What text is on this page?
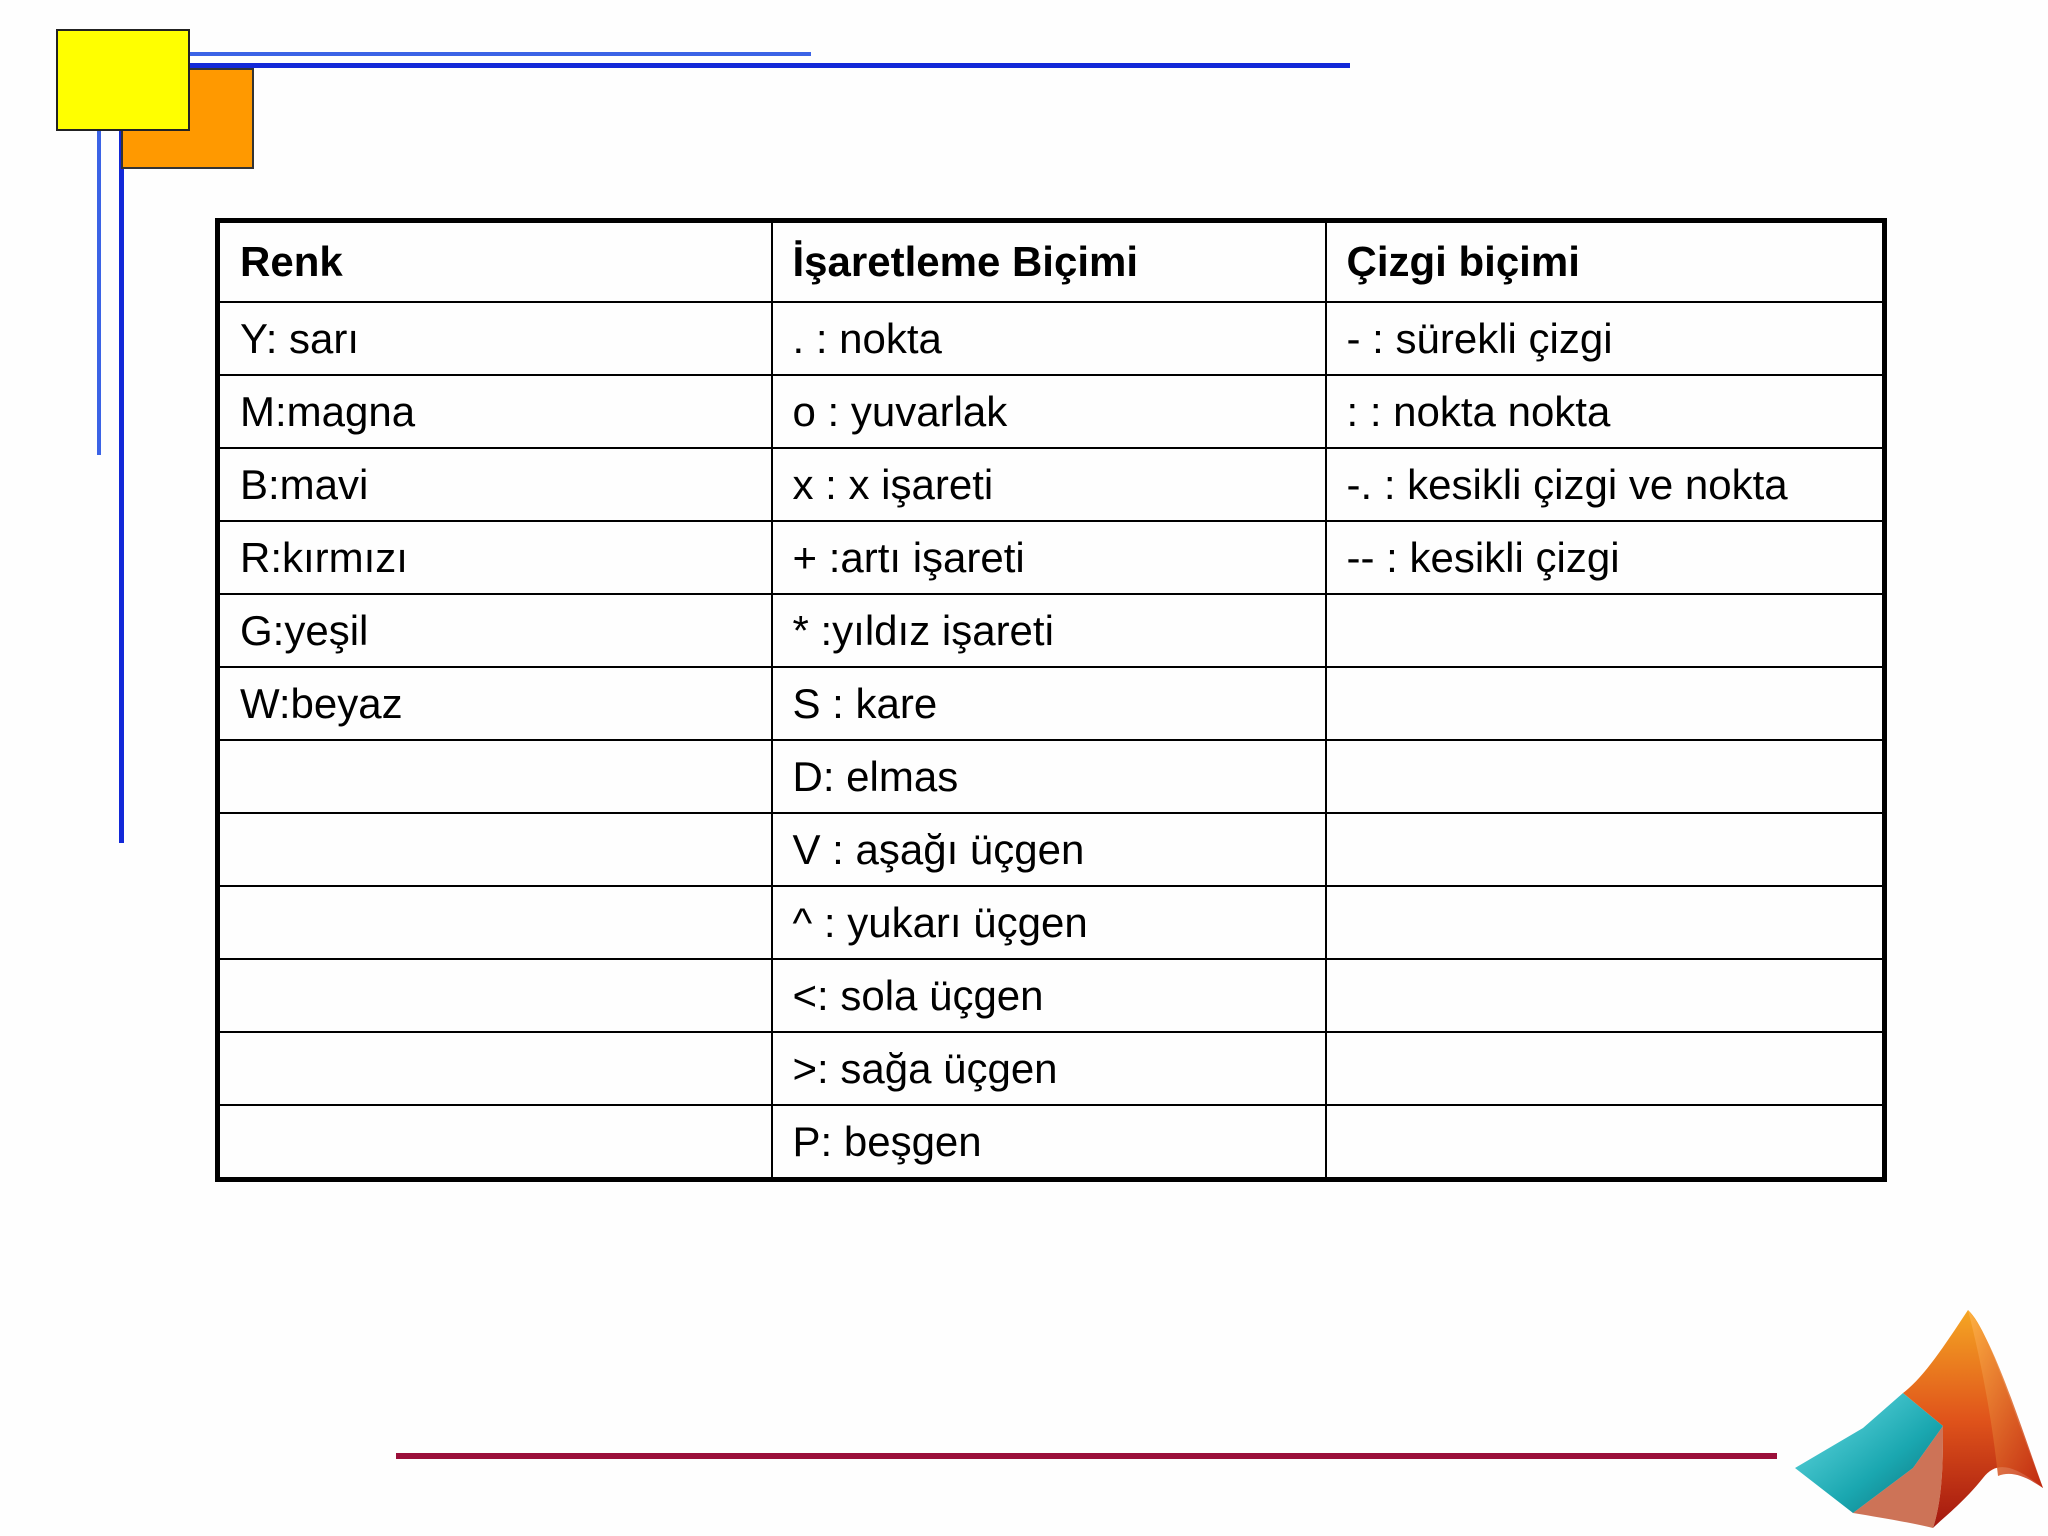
Renk	İşaretleme Biçimi	Çizgi biçimi
Y: sarı	. : nokta	- : sürekli çizgi
M:magna	o : yuvarlak	: : nokta nokta
B:mavi	x : x işareti	-. : kesikli çizgi ve nokta
R:kırmızı	+ :artı işareti	-- : kesikli çizgi
G:yeşil	* :yıldız işareti	
W:beyaz	S : kare	
	D: elmas	
	V : aşağı üçgen	
	^ : yukarı üçgen	
	<: sola üçgen	
	>: sağa üçgen	
	P: beşgen	
